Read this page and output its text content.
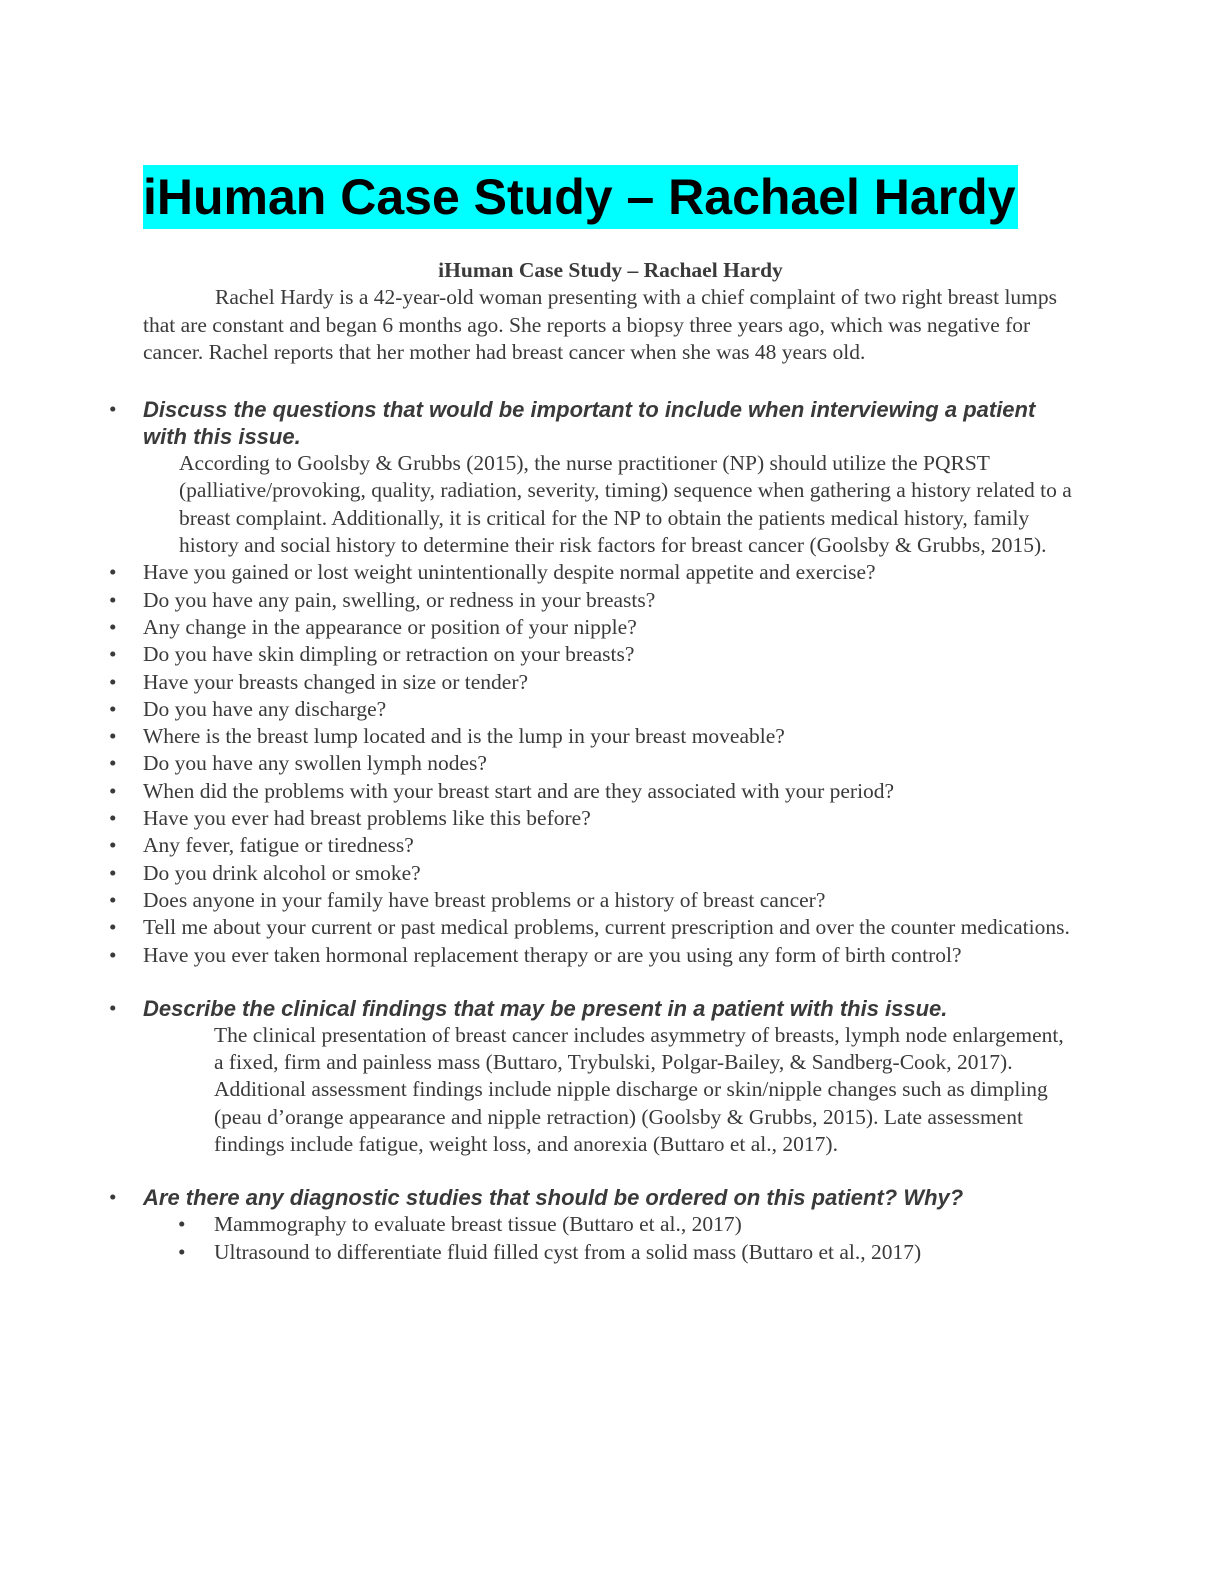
iHuman Case Study – Rachael Hardy
iHuman Case Study – Rachael Hardy

Rachel Hardy is a 42-year-old woman presenting with a chief complaint of two right breast lumps that are constant and began 6 months ago. She reports a biopsy three years ago, which was negative for cancer. Rachel reports that her mother had breast cancer when she was 48 years old.

• Discuss the questions that would be important to include when interviewing a patient with this issue.
According to Goolsby & Grubbs (2015), the nurse practitioner (NP) should utilize the PQRST (palliative/provoking, quality, radiation, severity, timing) sequence when gathering a history related to a breast complaint. Additionally, it is critical for the NP to obtain the patients medical history, family history and social history to determine their risk factors for breast cancer (Goolsby & Grubbs, 2015).
• Have you gained or lost weight unintentionally despite normal appetite and exercise?
• Do you have any pain, swelling, or redness in your breasts?
• Any change in the appearance or position of your nipple?
• Do you have skin dimpling or retraction on your breasts?
• Have your breasts changed in size or tender?
• Do you have any discharge?
• Where is the breast lump located and is the lump in your breast moveable?
• Do you have any swollen lymph nodes?
• When did the problems with your breast start and are they associated with your period?
• Have you ever had breast problems like this before?
• Any fever, fatigue or tiredness?
• Do you drink alcohol or smoke?
• Does anyone in your family have breast problems or a history of breast cancer?
• Tell me about your current or past medical problems, current prescription and over the counter medications.
• Have you ever taken hormonal replacement therapy or are you using any form of birth control?
• Describe the clinical findings that may be present in a patient with this issue.
The clinical presentation of breast cancer includes asymmetry of breasts, lymph node enlargement, a fixed, firm and painless mass (Buttaro, Trybulski, Polgar-Bailey, & Sandberg-Cook, 2017). Additional assessment findings include nipple discharge or skin/nipple changes such as dimpling (peau d’orange appearance and nipple retraction) (Goolsby & Grubbs, 2015). Late assessment findings include fatigue, weight loss, and anorexia (Buttaro et al., 2017).
• Are there any diagnostic studies that should be ordered on this patient? Why?
• Mammography to evaluate breast tissue (Buttaro et al., 2017)
• Ultrasound to differentiate fluid filled cyst from a solid mass (Buttaro et al., 2017)
